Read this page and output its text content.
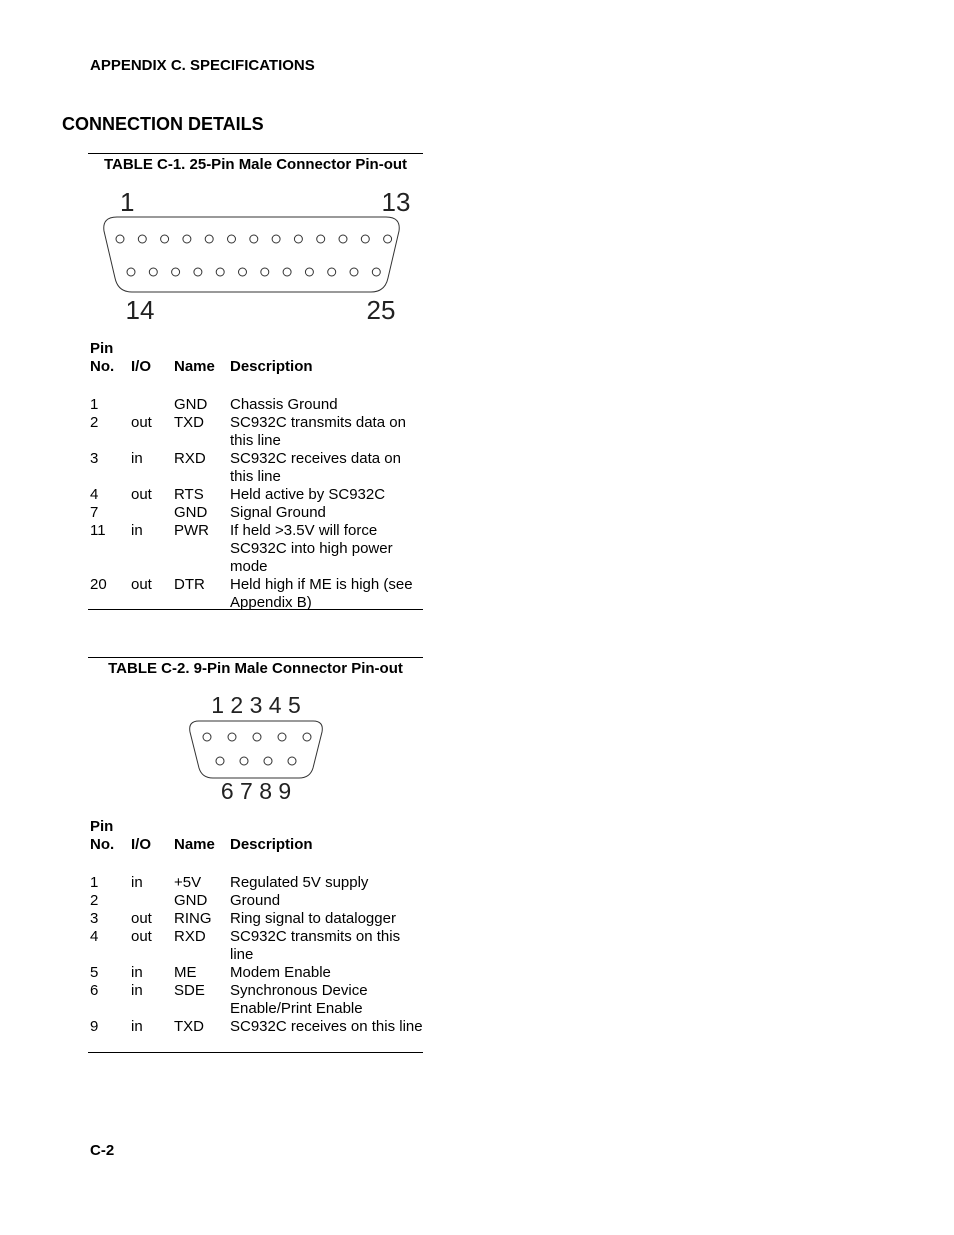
APPENDIX C. SPECIFICATIONS
CONNECTION DETAILS
TABLE C-1. 25-Pin Male Connector Pin-out
1	13
14	25
Pin
No. I/O Name Description
1	GND Chassis Ground
2 out TXD SC932C transmits data on this line
3 in RXD SC932C receives data on this line
4 out RTS Held active by SC932C
7	GND Signal Ground
11 in PWR If held >3.5V will force SC932C into high power mode
20 out DTR Held high if ME is high (see Appendix B)
TABLE C-2. 9-Pin Male Connector Pin-out
1 2 3 4 5
6 7 8 9
Pin
No. I/O Name Description
1 in +5V Regulated 5V supply
2	GND Ground
3 out RING Ring signal to datalogger
4 out RXD SC932C transmits on this line
5 in ME Modem Enable
6 in SDE Synchronous Device Enable/Print Enable
9 in TXD SC932C receives on this line
C-2
